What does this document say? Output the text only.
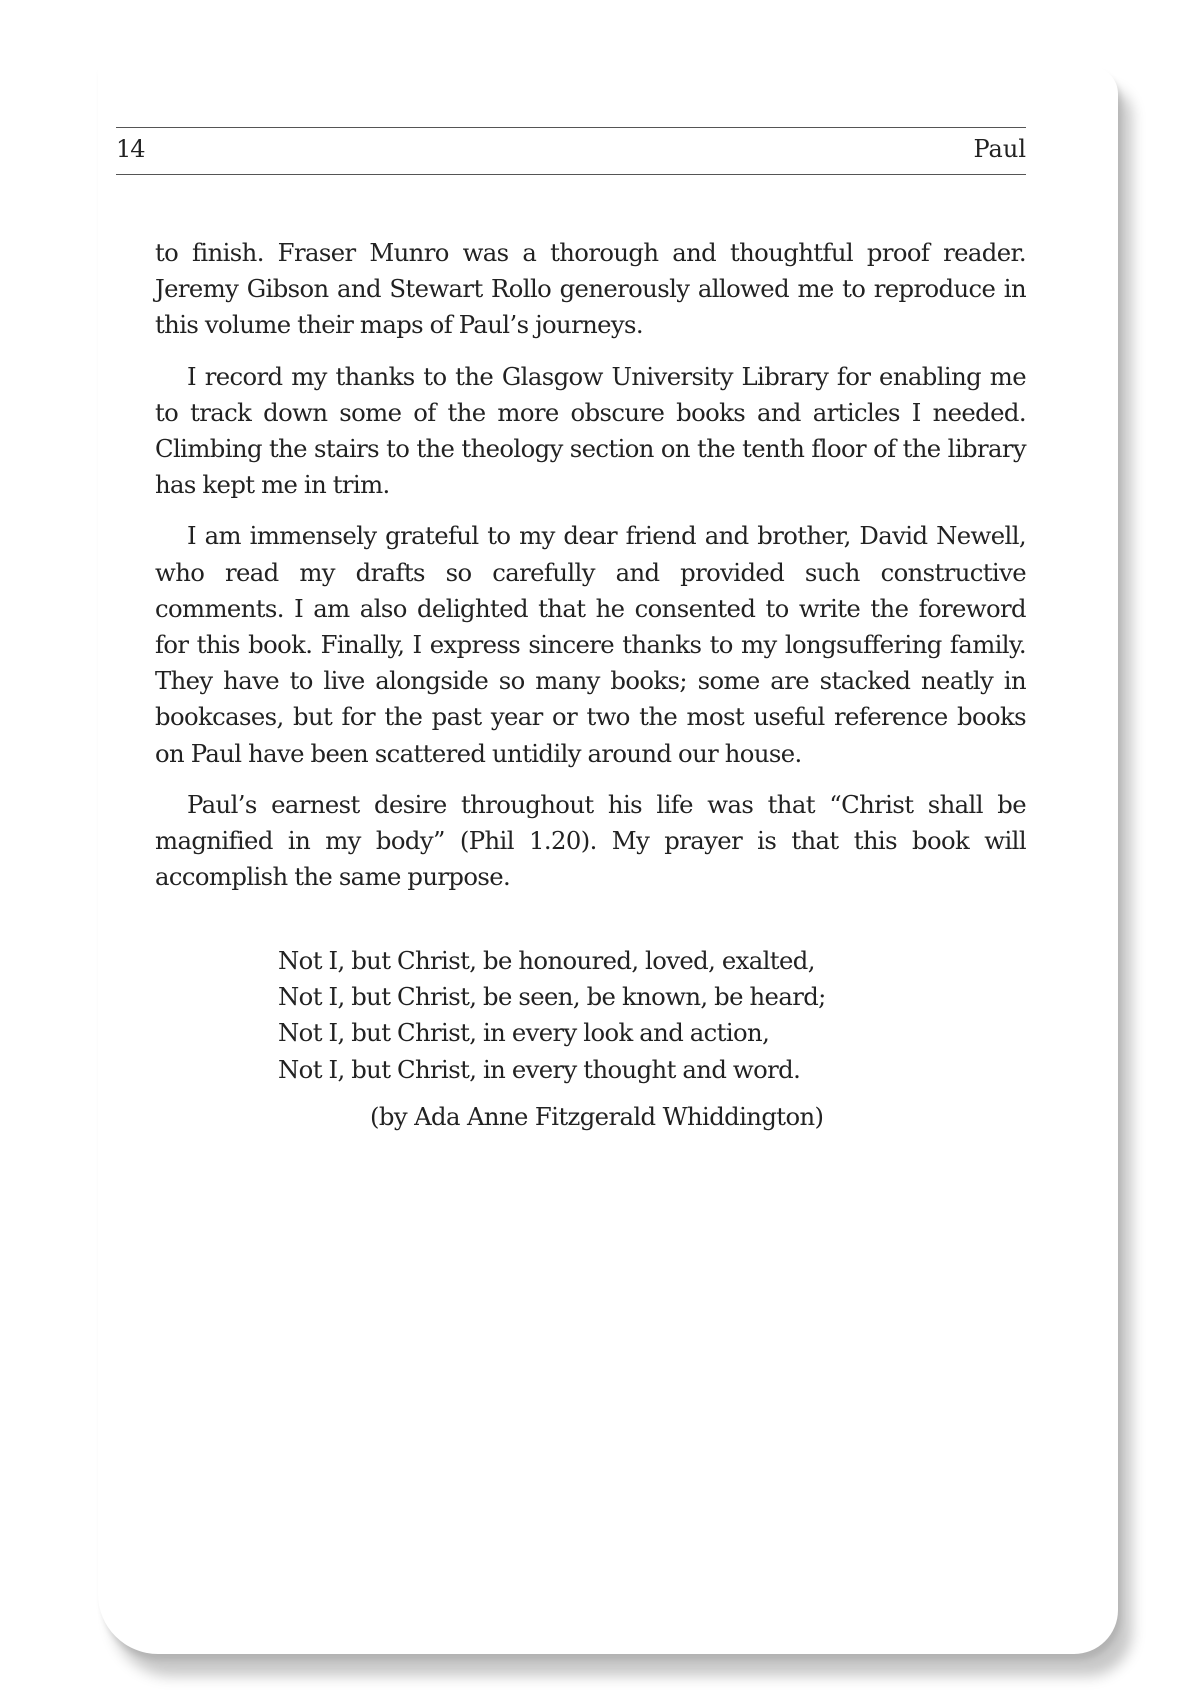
14	Paul

to finish. Fraser Munro was a thorough and thoughtful proof reader. Jeremy Gibson and Stewart Rollo generously allowed me to reproduce in this volume their maps of Paul’s journeys.

I record my thanks to the Glasgow University Library for enabling me to track down some of the more obscure books and articles I needed. Climbing the stairs to the theology section on the tenth floor of the library has kept me in trim.

I am immensely grateful to my dear friend and brother, David Newell, who read my drafts so carefully and provided such constructive comments. I am also delighted that he consented to write the foreword for this book. Finally, I express sincere thanks to my longsuffering family. They have to live alongside so many books; some are stacked neatly in bookcases, but for the past year or two the most useful reference books on Paul have been scattered untidily around our house.

Paul’s earnest desire throughout his life was that “Christ shall be magnified in my body” (Phil 1.20). My prayer is that this book will accomplish the same purpose.

Not I, but Christ, be honoured, loved, exalted,
Not I, but Christ, be seen, be known, be heard;
Not I, but Christ, in every look and action,
Not I, but Christ, in every thought and word.
(by Ada Anne Fitzgerald Whiddington)
